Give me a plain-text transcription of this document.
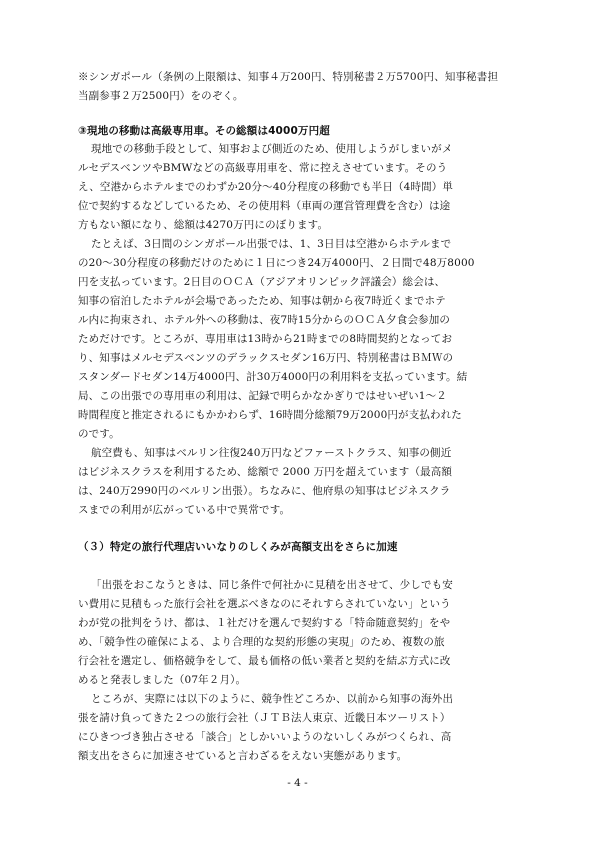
※シンガポール（条例の上限額は、知事４万200円、特別秘書２万5700円、知事秘書担
当副参事２万2500円）をのぞく。
③現地の移動は高級専用車。その総額は4000万円超
現地での移動手段として、知事および側近のため、使用しようがしまいがメ
ルセデスベンツやBMWなどの高級専用車を、常に控えさせています。そのう
え、空港からホテルまでのわずか20分～40分程度の移動でも半日（4時間）単
位で契約するなどしているため、その使用料（車両の運営管理費を含む）は途
方もない額になり、総額は4270万円にのぼります。
たとえば、3日間のシンガポール出張では、1、3日目は空港からホテルまで
の20～30分程度の移動だけのために１日につき24万4000円、２日間で48万8000
円を支払っています。2日目のＯＣＡ（アジアオリンピック評議会）総会は、
知事の宿泊したホテルが会場であったため、知事は朝から夜7時近くまでホテ
ル内に拘束され、ホテル外への移動は、夜7時15分からのＯＣＡ夕食会参加の
ためだけです。ところが、専用車は13時から21時までの8時間契約となってお
り、知事はメルセデスベンツのデラックスセダン16万円、特別秘書はＢＭＷの
スタンダードセダン14万4000円、計30万4000円の利用料を支払っています。結
局、この出張での専用車の利用は、記録で明らかなかぎりではせいぜい1～２
時間程度と推定されるにもかかわらず、16時間分総額79万2000円が支払われた
のです。
航空費も、知事はベルリン往復240万円などファーストクラス、知事の側近
はビジネスクラスを利用するため、総額で 2000 万円を超えています（最高額
は、240万2990円のベルリン出張）。ちなみに、他府県の知事はビジネスクラ
スまでの利用が広がっている中で異常です。
（３）特定の旅行代理店いいなりのしくみが高額支出をさらに加速
「出張をおこなうときは、同じ条件で何社かに見積を出させて、少しでも安
い費用に見積もった旅行会社を選ぶべきなのにそれすらされていない」という
わが党の批判をうけ、都は、１社だけを選んで契約する「特命随意契約」をや
め、「競争性の確保による、より合理的な契約形態の実現」のため、複数の旅
行会社を選定し、価格競争をして、最も価格の低い業者と契約を結ぶ方式に改
めると発表しました（07年２月）。
ところが、実際には以下のように、競争性どころか、以前から知事の海外出
張を請け負ってきた２つの旅行会社（ＪＴＢ法人東京、近畿日本ツーリスト）
にひきつづき独占させる「談合」としかいいようのないしくみがつくられ、高
額支出をさらに加速させていると言わざるをえない実態があります。
- 4 -
